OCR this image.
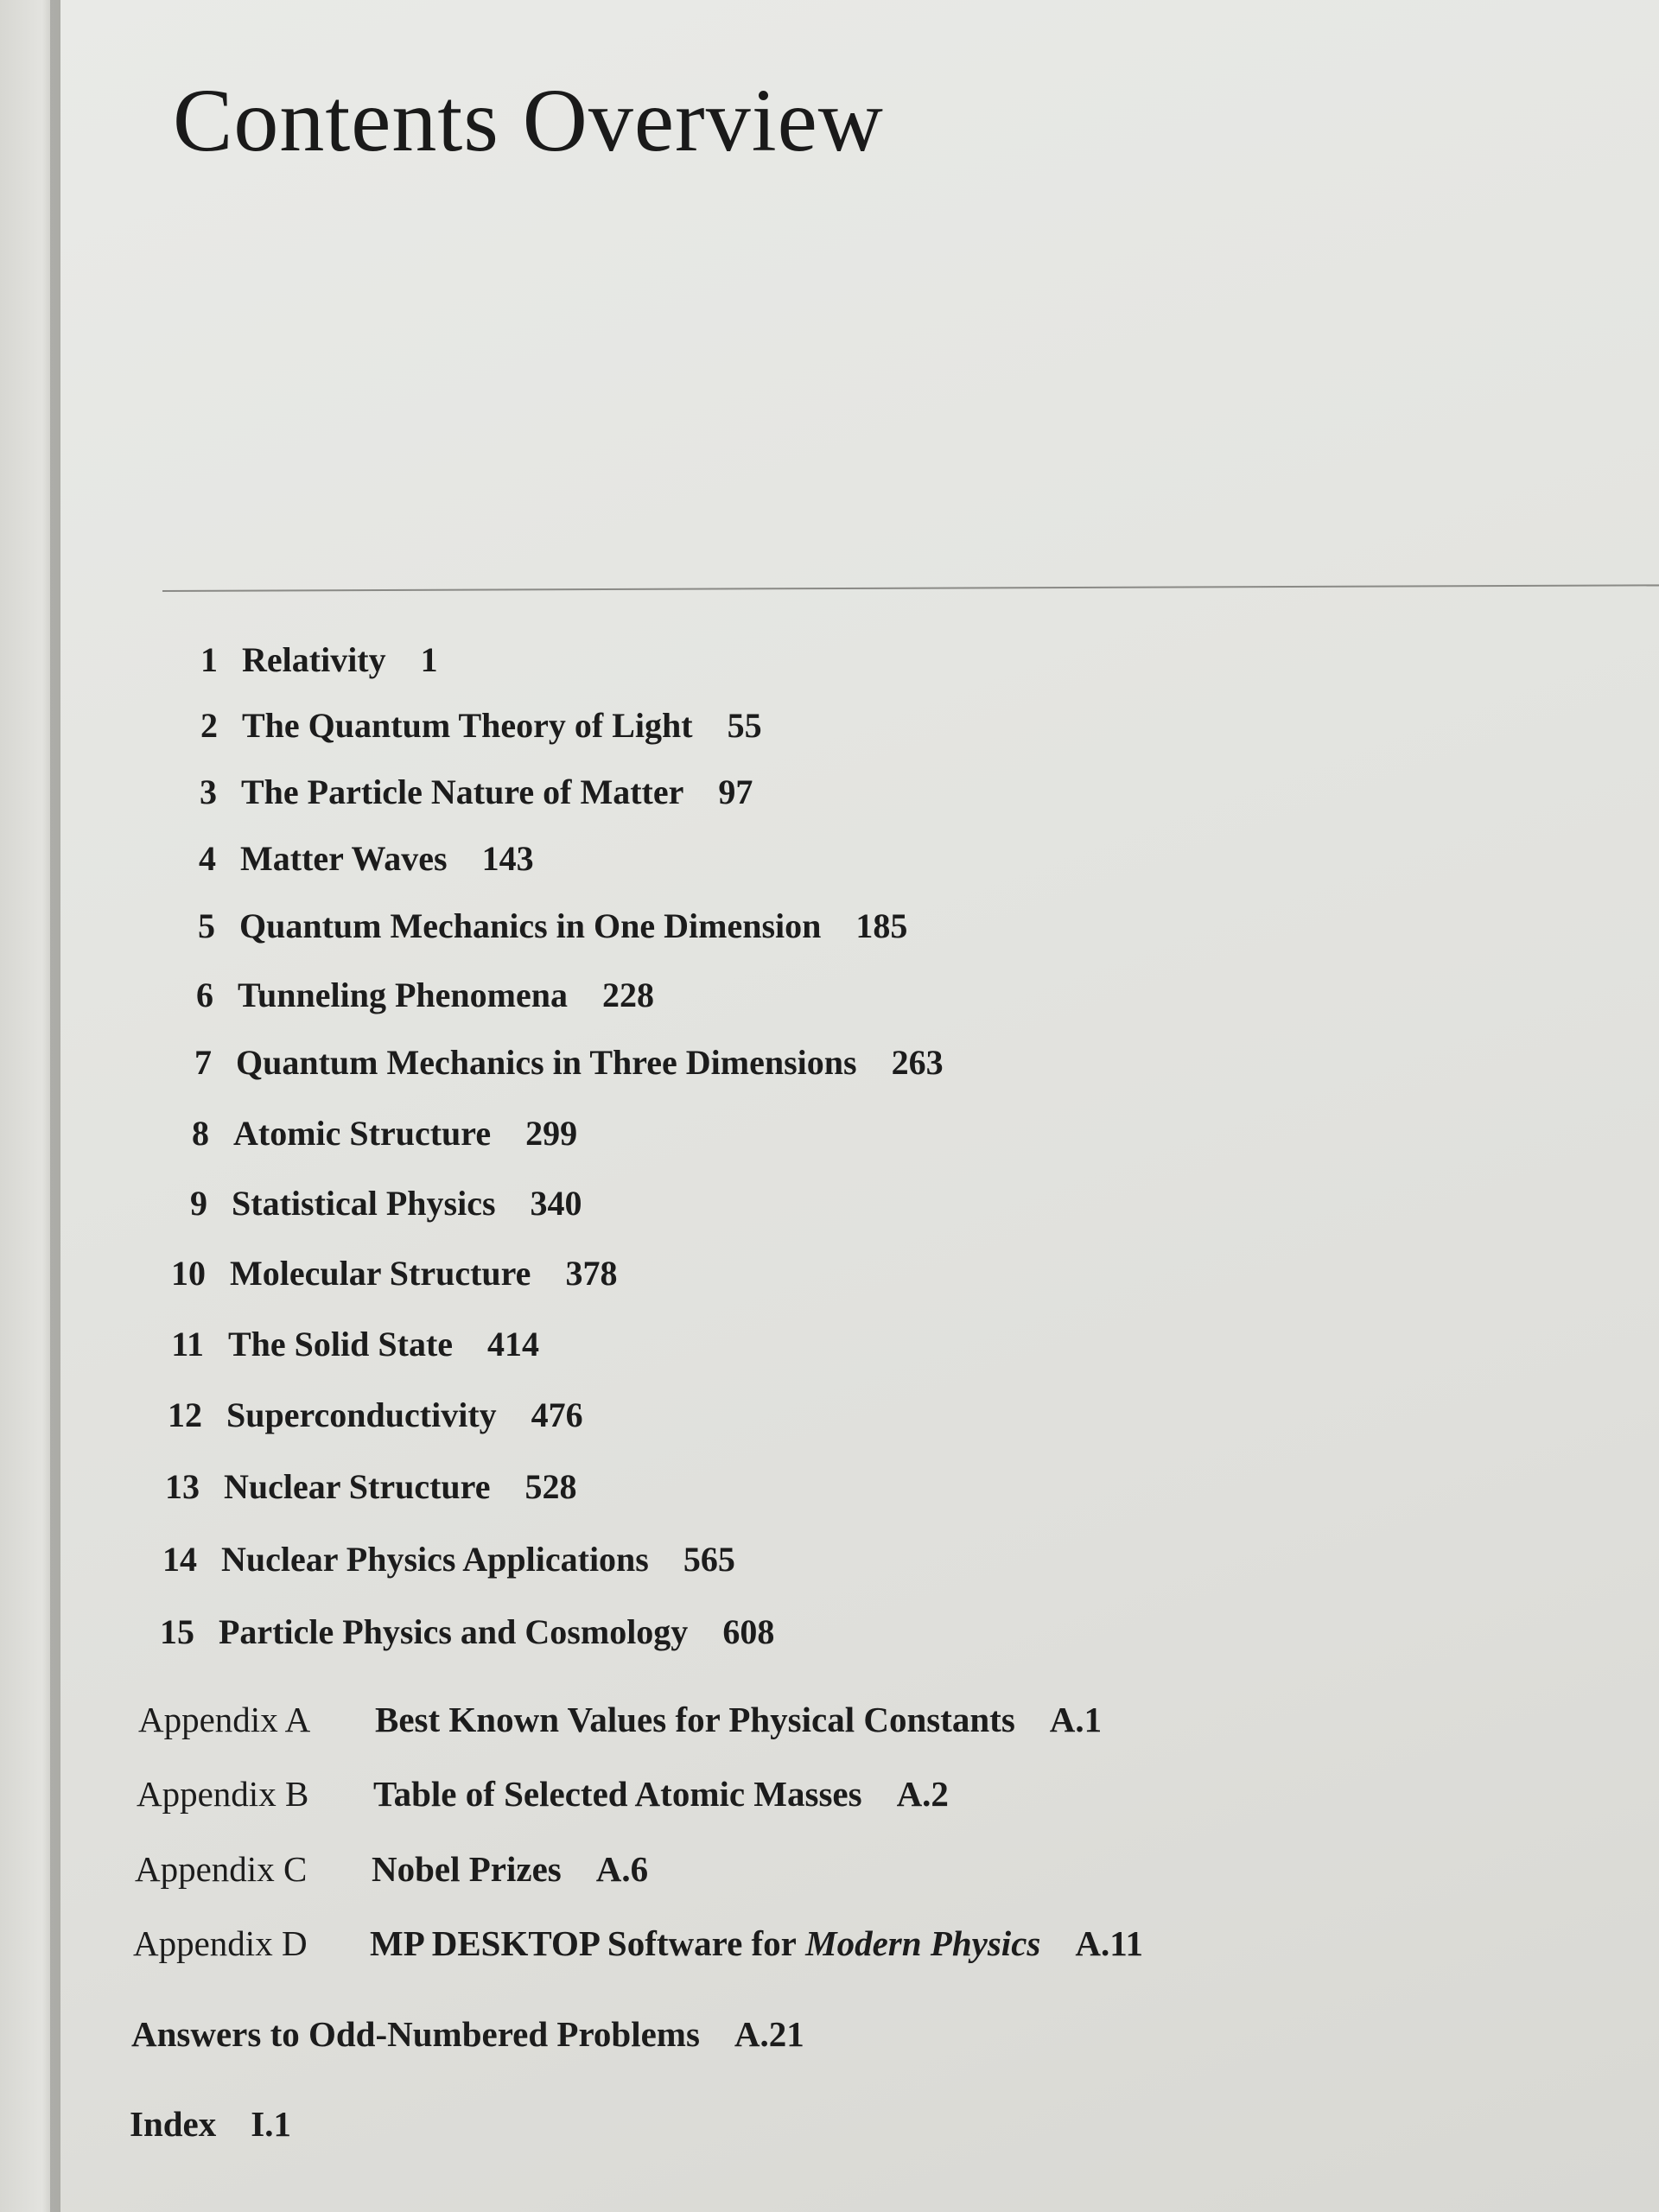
Contents Overview
1 Relativity 1
2 The Quantum Theory of Light 55
3 The Particle Nature of Matter 97
4 Matter Waves 143
5 Quantum Mechanics in One Dimension 185
6 Tunneling Phenomena 228
7 Quantum Mechanics in Three Dimensions 263
8 Atomic Structure 299
9 Statistical Physics 340
10 Molecular Structure 378
11 The Solid State 414
12 Superconductivity 476
13 Nuclear Structure 528
14 Nuclear Physics Applications 565
15 Particle Physics and Cosmology 608
Appendix A Best Known Values for Physical Constants A.1
Appendix B Table of Selected Atomic Masses A.2
Appendix C Nobel Prizes A.6
Appendix D MP DESKTOP Software for Modern Physics A.11
Answers to Odd-Numbered Problems A.21
Index I.1
